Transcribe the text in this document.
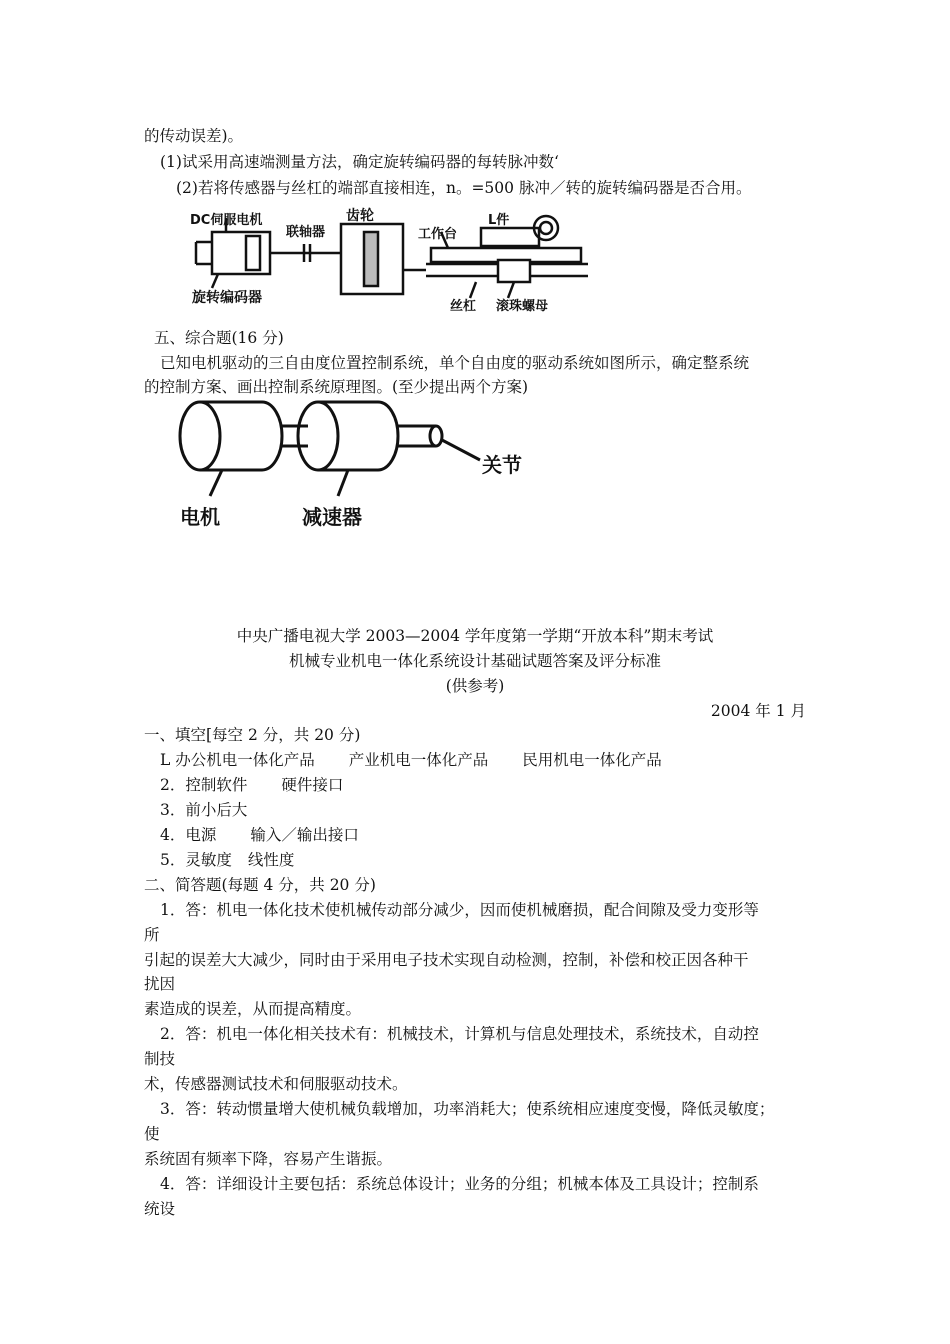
的传动误差)。
(1)试采用高速端测量方法，确定旋转编码器的每转脉冲数‘
(2)若将传感器与丝杠的端部直接相连，n。=500 脉冲／转的旋转编码器是否合用。
DC伺服电机
联轴器
齿轮
工作台
L件
旋转编码器
丝杠 滚珠螺母
五、综合题(16 分)
已知电机驱动的三自由度位置控制系统，单个自由度的驱动系统如图所示，确定整系统
的控制方案、画出控制系统原理图。(至少提出两个方案)
关节
电机	减速器
中央广播电视大学 2003—2004 学年度第一学期“开放本科”期末考试
机械专业机电一体化系统设计基础试题答案及评分标准
(供参考)
2004 年 1 月
一、填空[每空 2 分，共 20 分)
L 办公机电一体化产品 产业机电一体化产品 民用机电一体化产品
2．控制软件 硬件接口
3．前小后大
4．电源 输入／输出接口
5．灵敏度 线性度
二、简答题(每题 4 分，共 20 分)
1．答：机电一体化技术使机械传动部分减少，因而使机械磨损，配合间隙及受力变形等
所
引起的误差大大减少，同时由于采用电子技术实现自动检测，控制，补偿和校正因各种干
扰因
素造成的误差，从而提高精度。
2．答：机电一体化相关技术有：机械技术，计算机与信息处理技术，系统技术，自动控
制技
术，传感器测试技术和伺服驱动技术。
3．答：转动惯量增大使机械负载增加，功率消耗大；使系统相应速度变慢，降低灵敏度；
使
系统固有频率下降，容易产生谐振。
4．答：详细设计主要包括：系统总体设计；业务的分组；机械本体及工具设计；控制系
统设
